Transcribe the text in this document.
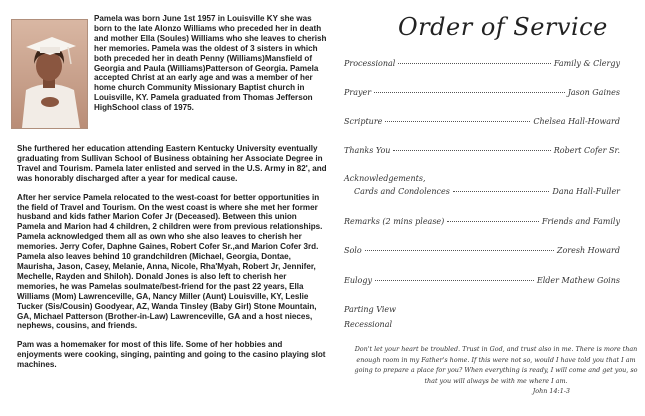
Pamela was born June 1st 1957 in Louisville KY she was born to the late Alonzo Williams who preceded her in death and mother Ella (Soules) Williams who she leaves to cherish her memories. Pamela was the oldest of 3 sisters in which both preceded her in death Penny (Williams)Mansfield of Georgia and Paula (Williams)Patterson of Georgia. Pamela accepted Christ at an early age and was a member of her home church Community Missionary Baptist church in Louisville, KY. Pamela graduated from Thomas Jefferson HighSchool class of 1975.

She furthered her education attending Eastern Kentucky University eventually graduating from Sullivan School of Business obtaining her Associate Degree in Travel and Tourism. Pamela later enlisted and served in the U.S. Army in 82', and was honorably discharged after a year for medical cause.

After her service Pamela relocated to the west-coast for better opportunities in the field of Travel and Tourism. On the west coast is where she met her former husband and kids father Marion Cofer Jr (Deceased). Between this union Pamela and Marion had 4 children, 2 children were from previous relationships. Pamela acknowledged them all as own who she also leaves to cherish her memories. Jerry Cofer, Daphne Gaines, Robert Cofer Sr.,and Marion Cofer 3rd. Pamela also leaves behind 10 grandchildren (Michael, Georgia, Dontae, Maurisha, Jason, Casey, Melanie, Anna, Nicole, Rha'Myah, Robert Jr, Jennifer, Mechelle, Rayden and Shiloh). Donald Jones is also left to cherish her memories, he was Pamelas soulmate/best-friend for the past 22 years, Ella Williams (Mom) Lawrenceville, GA, Nancy Miller (Aunt) Louisville, KY, Leslie Tucker (Sis/Cousin) Goodyear, AZ, Wanda Tinsley (Baby Girl) Stone Mountain, GA, Michael Patterson (Brother-in-Law) Lawrenceville, GA and a host nieces, nephews, cousins, and friends.

Pam was a homemaker for most of this life. Some of her hobbies and enjoyments were cooking, singing, painting and going to the casino playing slot machines.

Order of Service
Processional	Family & Clergy
Prayer	Jason Gaines
Scripture	Chelsea Hall-Howard
Thanks You	Robert Cofer Sr.
Acknowledgements,
Cards and Condolences	Dana Hall-Fuller
Remarks (2 mins please)	Friends and Family
Solo	Zoresh Howard
Eulogy	Elder Mathew Goins
Parting View
Recessional
Don't let your heart be troubled. Trust in God, and trust also in me. There is more than enough room in my Father's home. If this were not so, would I have told you that I am going to prepare a place for you? When everything is ready, I will come and get you, so that you will always be with me where I am.
John 14:1-3
